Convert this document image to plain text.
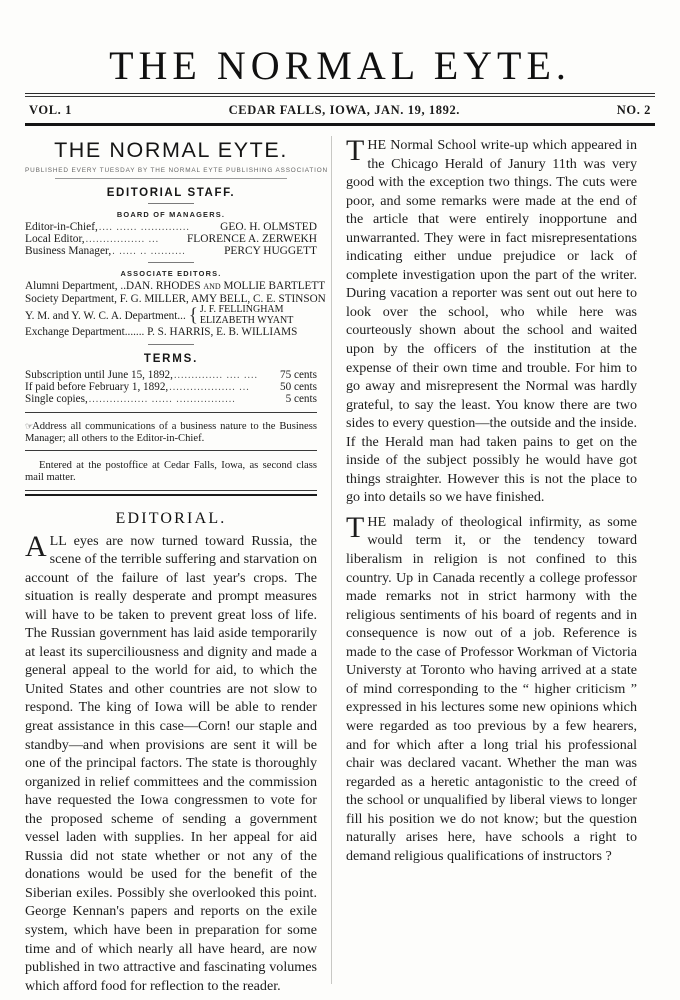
THE NORMAL EYTE.
VOL. 1	CEDAR FALLS, IOWA, JAN. 19, 1892.	NO. 2
THE NORMAL EYTE.
PUBLISHED EVERY TUESDAY BY THE NORMAL EYTE PUBLISHING ASSOCIATION
EDITORIAL STAFF.
BOARD OF MANAGERS.
Editor-in-Chief, .... ...... ..............	GEO. H. OLMSTED
Local Editor, ................. ...	FLORENCE A. ZERWEKH
Business Manager, . ..... .. ..........	PERCY HUGGETT
ASSOCIATE EDITORS.
Alumni Department, ..DAN. RHODES and MOLLIE BARTLETT
Society Department, F. G. MILLER, AMY BELL, C. E. STINSON
Y. M. and Y. W. C. A. Department... { J. F. FELLINGHAM
ELIZABETH WYANT
Exchange Department....... P. S. HARRIS, E. B. WILLIAMS
TERMS.
Subscription until June 15, 1892, .............. .... ....	75 cents
If paid before February 1, 1892, ................... ...	50 cents
Single copies, ................. ...... .................	5 cents
☞Address all communications of a business nature to the Business Manager; all others to the Editor-in-Chief.
Entered at the postoffice at Cedar Falls, Iowa, as second class mail matter.
EDITORIAL.

ALL eyes are now turned toward Russia, the scene of the terrible suffering and starvation on account of the failure of last year's crops. The situation is really desperate and prompt measures will have to be taken to prevent great loss of life. The Russian government has laid aside temporarily at least its superciliousness and dignity and made a general appeal to the world for aid, to which the United States and other countries are not slow to respond. The king of Iowa will be able to render great assistance in this case—Corn! our staple and standby—and when provisions are sent it will be one of the principal factors. The state is thoroughly organized in relief committees and the commission have requested the Iowa congressmen to vote for the proposed scheme of sending a government vessel laden with supplies. In her appeal for aid Russia did not state whether or not any of the donations would be used for the benefit of the Siberian exiles. Possibly she overlooked this point. George Kennan's papers and reports on the exile system, which have been in preparation for some time and of which nearly all have heard, are now published in two attractive and fascinating volumes which afford food for reflection to the reader.

THE Normal School write-up which appeared in the Chicago Herald of Janury 11th was very good with the exception two things. The cuts were poor, and some remarks were made at the end of the article that were entirely inopportune and unwarranted. They were in fact misrepresentations indicating either undue prejudice or lack of complete investigation upon the part of the writer. During vacation a reporter was sent out out here to look over the school, who while here was courteously shown about the school and waited upon by the officers of the institution at the expense of their own time and trouble. For him to go away and misrepresent the Normal was hardly grateful, to say the least. You know there are two sides to every question—the outside and the inside. If the Herald man had taken pains to get on the inside of the subject possibly he would have got things straighter. However this is not the place to go into details so we have finished.

THE malady of theological infirmity, as some would term it, or the tendency toward liberalism in religion is not confined to this country. Up in Canada recently a college professor made remarks not in strict harmony with the religious sentiments of his board of regents and in consequence is now out of a job. Reference is made to the case of Professor Workman of Victoria Universty at Toronto who having arrived at a state of mind corresponding to the “ higher criticism ” expressed in his lectures some new opinions which were regarded as too previous by a few hearers, and for which after a long trial his professional chair was declared vacant. Whether the man was regarded as a heretic antagonistic to the creed of the school or unqualified by liberal views to longer fill his position we do not know; but the question naturally arises here, have schools a right to demand religious qualifications of instructors ?
